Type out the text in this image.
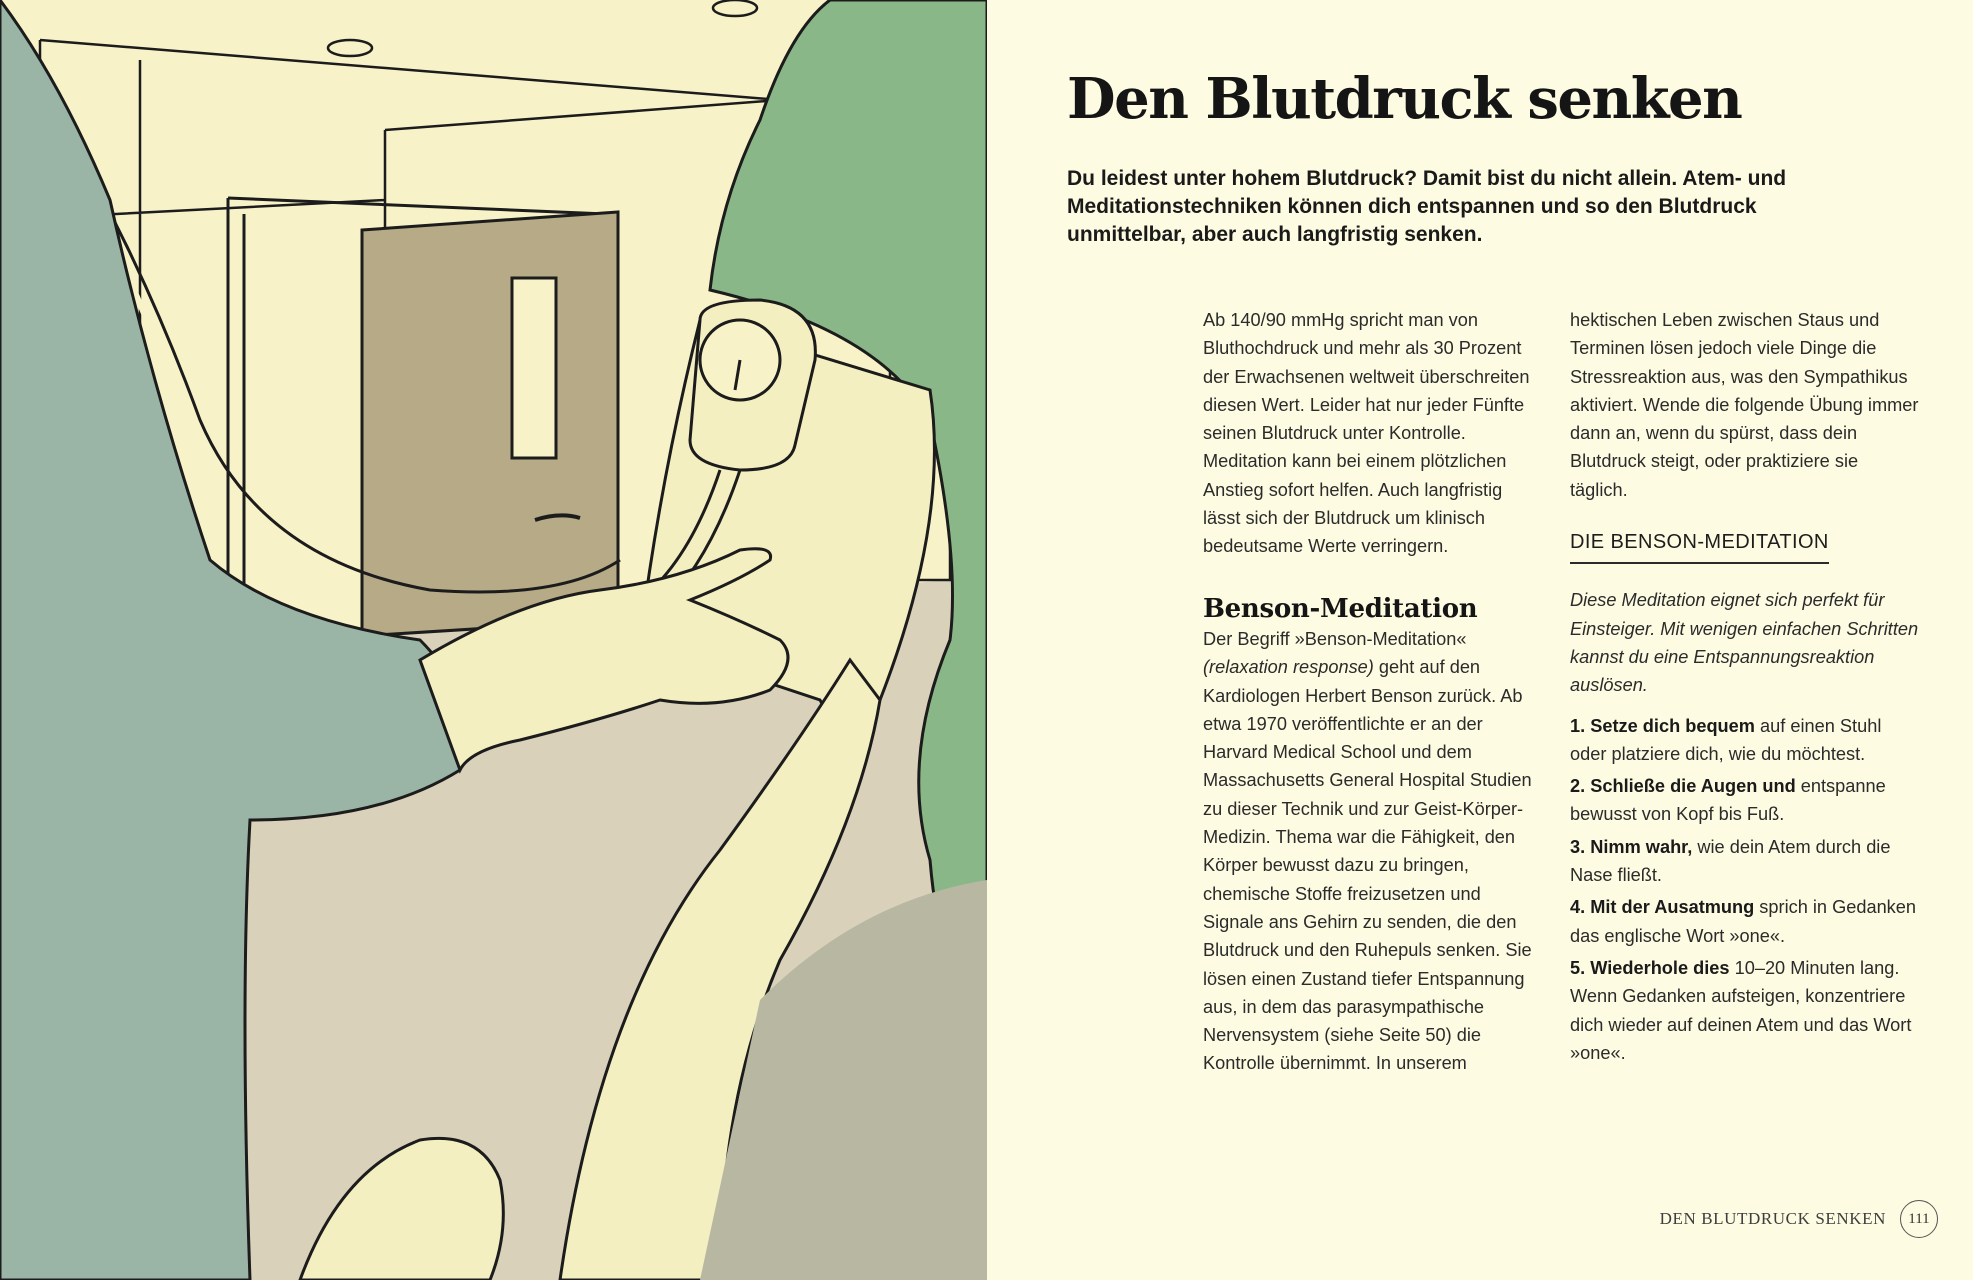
Den Blutdruck senken

Du leidest unter hohem Blutdruck? Damit bist du nicht allein. Atem- und Meditationstechniken können dich entspannen und so den Blutdruck unmittelbar, aber auch langfristig senken.

Ab 140/90 mmHg spricht man von Bluthochdruck und mehr als 30 Prozent der Erwachsenen weltweit überschreiten diesen Wert. Leider hat nur jeder Fünfte seinen Blutdruck unter Kontrolle. Meditation kann bei einem plötzlichen Anstieg sofort helfen. Auch langfristig lässt sich der Blutdruck um klinisch bedeutsame Werte verringern.

Benson-Meditation

Der Begriff »Benson-Meditation« (relaxation response) geht auf den Kardiologen Herbert Benson zurück. Ab etwa 1970 veröffentlichte er an der Harvard Medical School und dem Massachusetts General Hospital Studien zu dieser Technik und zur Geist-Körper-Medizin. Thema war die Fähigkeit, den Körper bewusst dazu zu bringen, chemische Stoffe freizusetzen und Signale ans Gehirn zu senden, die den Blutdruck und den Ruhepuls senken. Sie lösen einen Zustand tiefer Entspannung aus, in dem das parasympathische Nervensystem (siehe Seite 50) die Kontrolle übernimmt. In unserem

hektischen Leben zwischen Staus und Terminen lösen jedoch viele Dinge die Stressreaktion aus, was den Sympathikus aktiviert. Wende die folgende Übung immer dann an, wenn du spürst, dass dein Blutdruck steigt, oder praktiziere sie täglich.

DIE BENSON-MEDITATION

Diese Meditation eignet sich perfekt für Einsteiger. Mit wenigen einfachen Schritten kannst du eine Entspannungsreaktion auslösen.

1. Setze dich bequem auf einen Stuhl oder platziere dich, wie du möchtest.

2. Schließe die Augen und entspanne bewusst von Kopf bis Fuß.

3. Nimm wahr, wie dein Atem durch die Nase fließt.

4. Mit der Ausatmung sprich in Gedanken das englische Wort »one«.

5. Wiederhole dies 10–20 Minuten lang. Wenn Gedanken aufsteigen, konzentriere dich wieder auf deinen Atem und das Wort »one«.

DEN BLUTDRUCK SENKEN	111
